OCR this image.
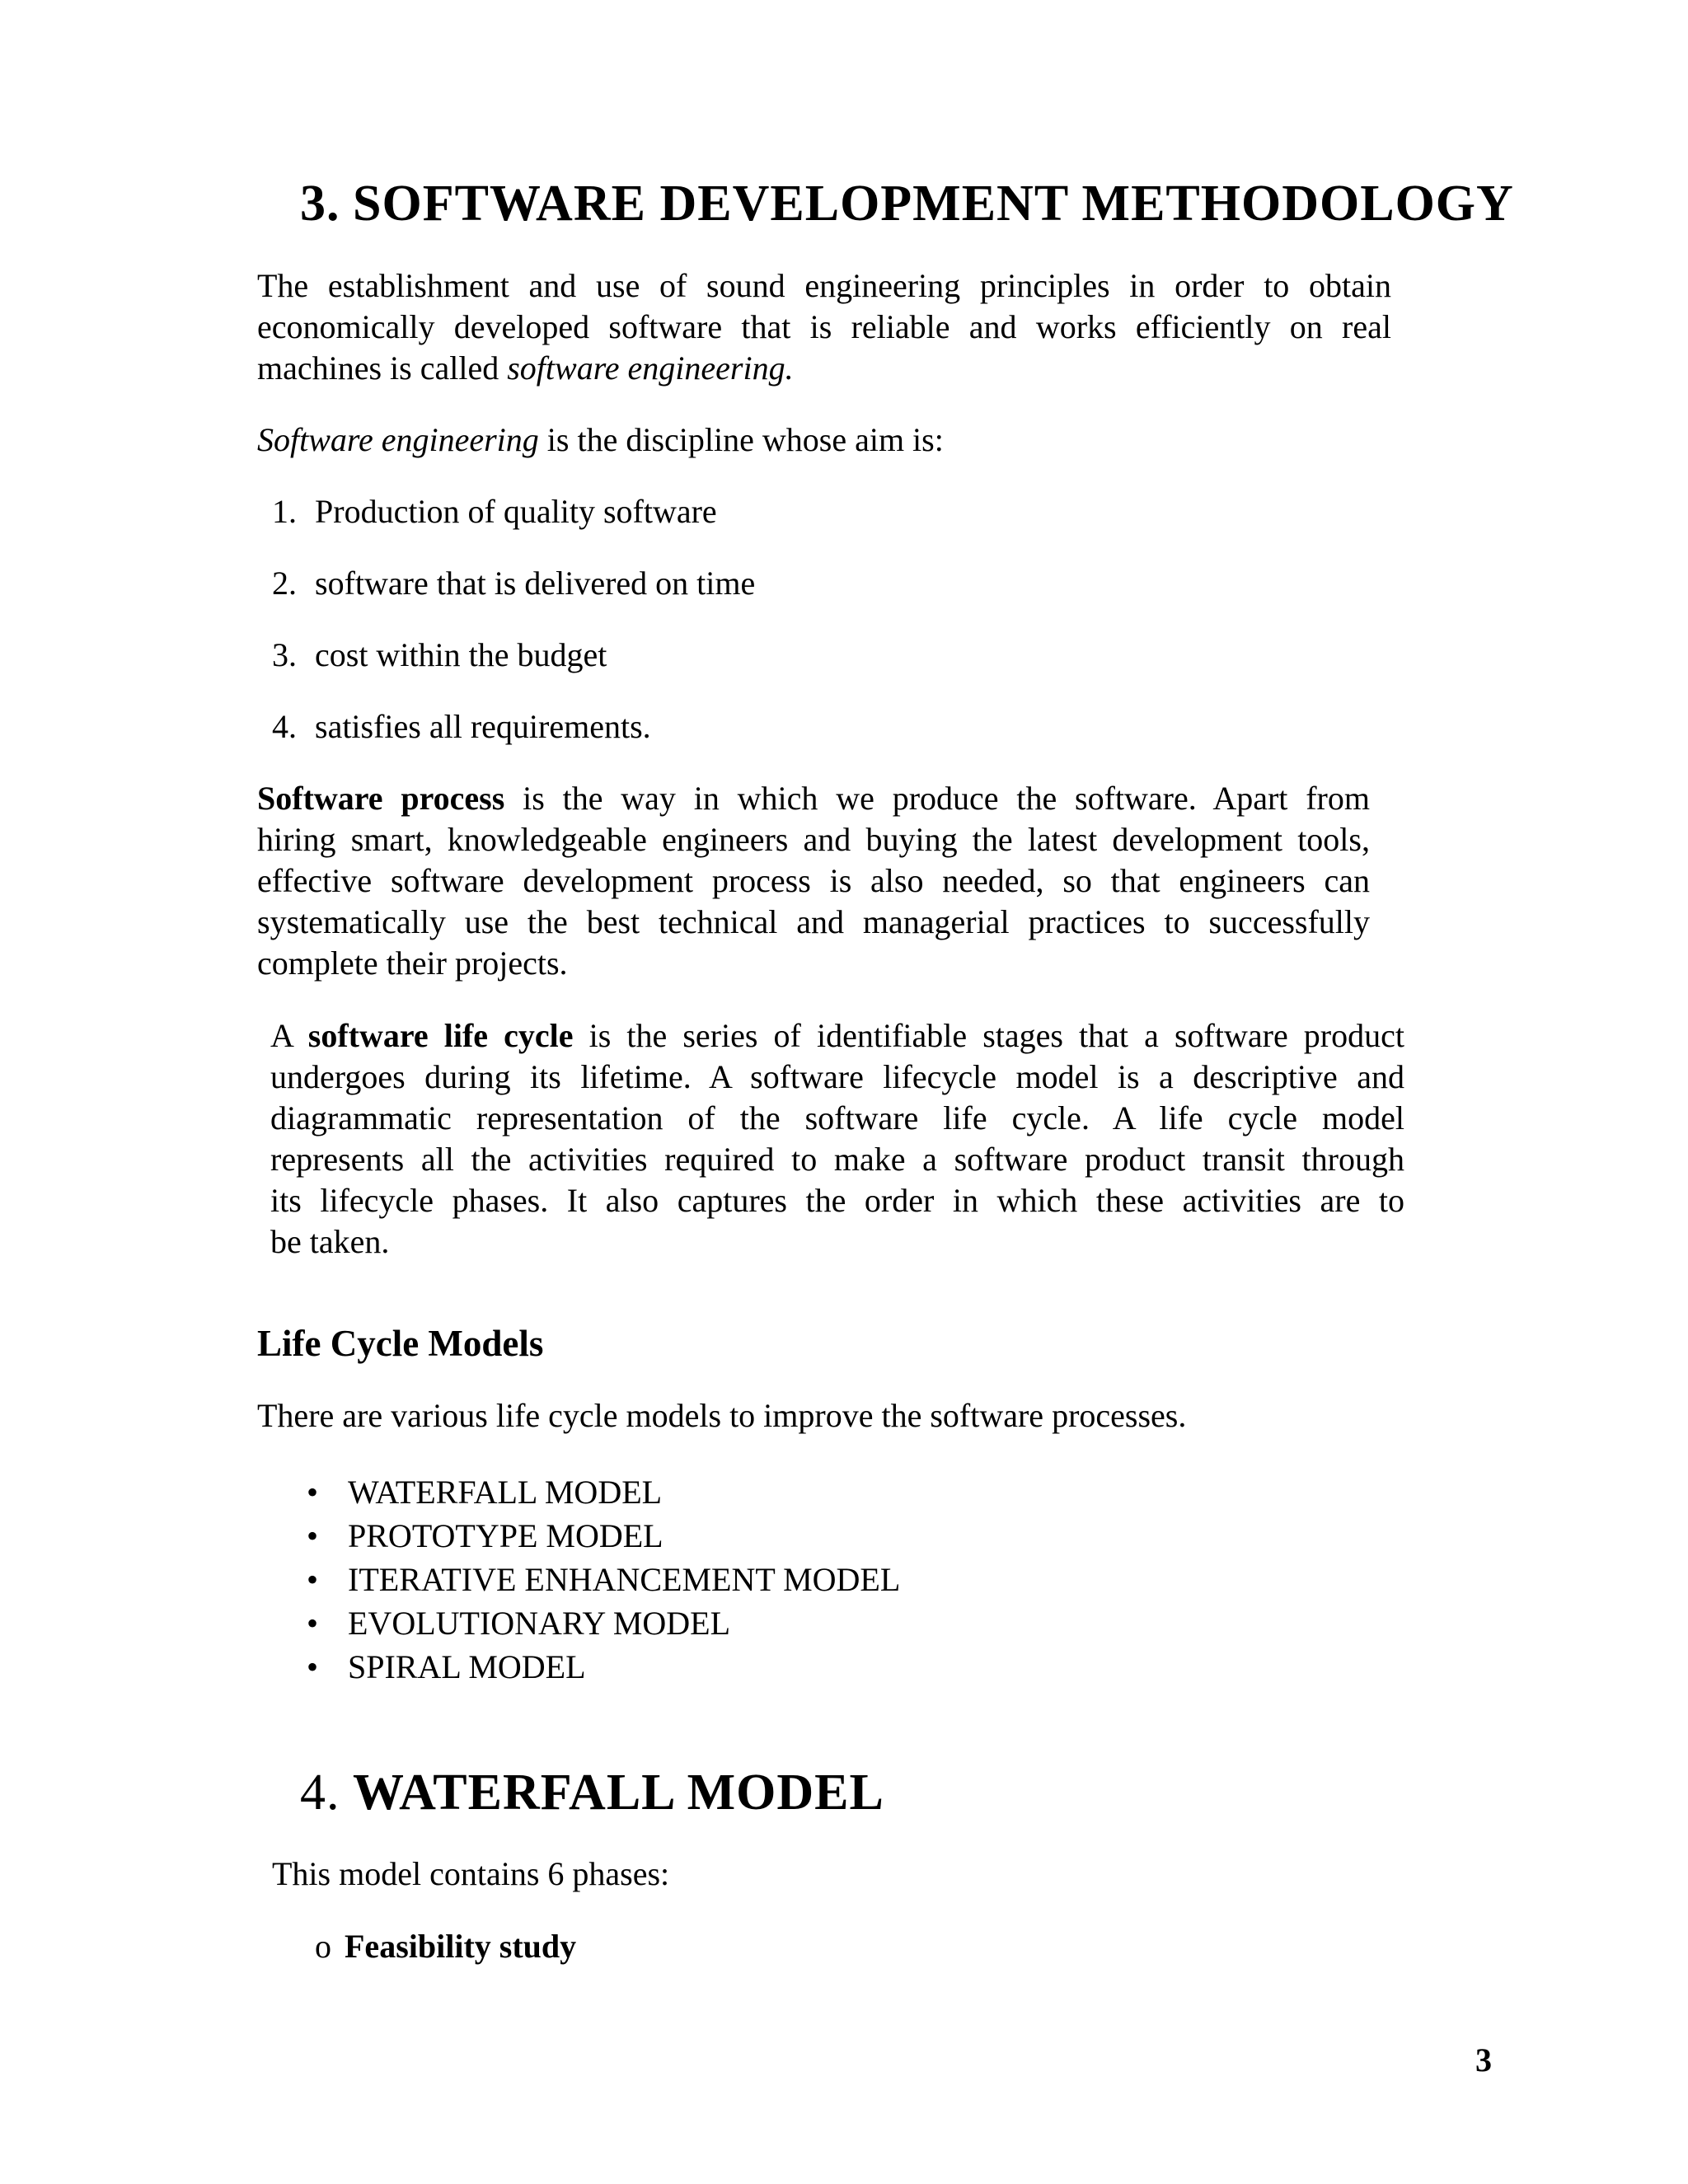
3. SOFTWARE DEVELOPMENT METHODOLOGY
The establishment and use of sound engineering principles in order to obtain
economically developed software that is reliable and works efficiently on real
machines is called software engineering.
Software engineering is the discipline whose aim is:
1. Production of quality software
2. software that is delivered on time
3. cost within the budget
4. satisfies all requirements.
Software process is the way in which we produce the software. Apart from
hiring smart, knowledgeable engineers and buying the latest development tools,
effective software development process is also needed, so that engineers can
systematically use the best technical and managerial practices to successfully
complete their projects.
A software life cycle is the series of identifiable stages that a software product
undergoes during its lifetime. A software lifecycle model is a descriptive and
diagrammatic representation of the software life cycle. A life cycle model
represents all the activities required to make a software product transit through
its lifecycle phases. It also captures the order in which these activities are to
be taken.
Life Cycle Models
There are various life cycle models to improve the software processes.
• WATERFALL MODEL
• PROTOTYPE MODEL
• ITERATIVE ENHANCEMENT MODEL
• EVOLUTIONARY MODEL
• SPIRAL MODEL
4. WATERFALL MODEL
This model contains 6 phases:
o Feasibility study
3
